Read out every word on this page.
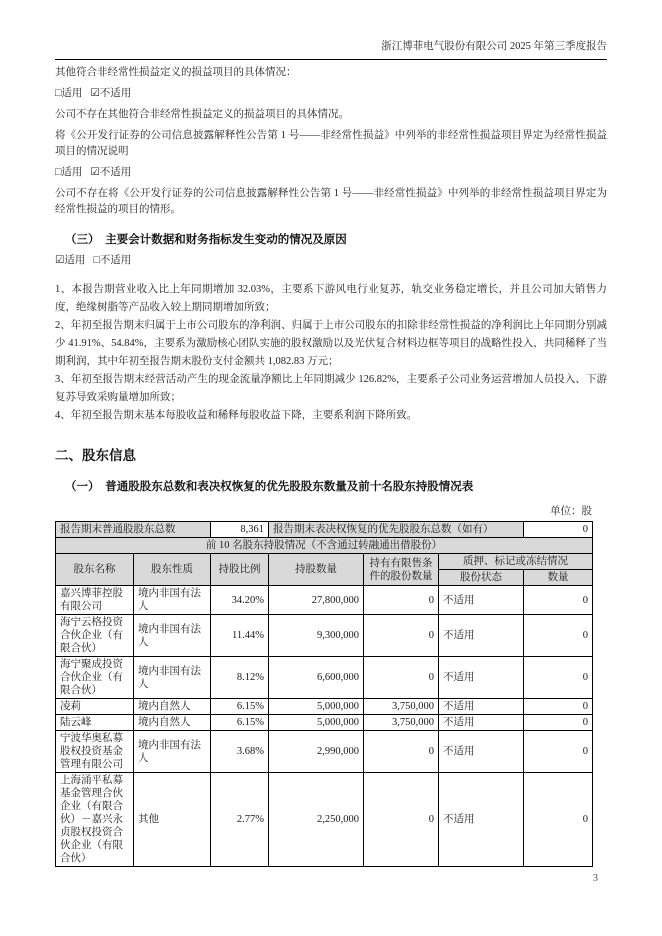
浙江博菲电气股份有限公司 2025 年第三季度报告

其他符合非经常性损益定义的损益项目的具体情况：

□适用 ☑不适用

公司不存在其他符合非经常性损益定义的损益项目的具体情况。

将《公开发行证券的公司信息披露解释性公告第 1 号——非经常性损益》中列举的非经常性损益项目界定为经常性损益项目的情况说明

□适用 ☑不适用

公司不存在将《公开发行证券的公司信息披露解释性公告第 1 号——非经常性损益》中列举的非经常性损益项目界定为经常性损益的项目的情形。

（三）　主要会计数据和财务指标发生变动的情况及原因

☑适用 □不适用

1、本报告期营业收入比上年同期增加 32.03%，主要系下游风电行业复苏，轨交业务稳定增长，并且公司加大销售力度，绝缘树脂等产品收入较上期同期增加所致；

2、年初至报告期末归属于上市公司股东的净利润、归属于上市公司股东的扣除非经常性损益的净利润比上年同期分别减少 41.91%、54.84%，主要系为激励核心团队实施的股权激励以及光伏复合材料边框等项目的战略性投入，共同稀释了当期利润，其中年初至报告期末股份支付金额共 1,082.83 万元；

3、年初至报告期末经营活动产生的现金流量净额比上年同期减少 126.82%，主要系子公司业务运营增加人员投入、下游复苏导致采购量增加所致；

4、年初至报告期末基本每股收益和稀释每股收益下降，主要系利润下降所致。

二、股东信息
（一）　普通股股东总数和表决权恢复的优先股股东数量及前十名股东持股情况表
单位：股
报告期末普通股股东总数		8,361	报告期末表决权恢复的优先股股东总数（如有）			0
前 10 名股东持股情况（不含通过转融通出借股份）						
股东名称	股东性质	持股比例	持股数量	持有有限售条件的股份数量	质押、标记或冻结情况	
					股份状态	数量
嘉兴博菲控股有限公司	境内非国有法人	34.20%	27,800,000	0	不适用	0
海宁云格投资合伙企业（有限合伙）	境内非国有法人	11.44%	9,300,000	0	不适用	0
海宁聚成投资合伙企业（有限合伙）	境内非国有法人	8.12%	6,600,000	0	不适用	0
凌莉	境内自然人	6.15%	5,000,000	3,750,000	不适用	0
陆云峰	境内自然人	6.15%	5,000,000	3,750,000	不适用	0
宁波华奥私募股权投资基金管理有限公司	境内非国有法人	3.68%	2,990,000	0	不适用	0
上海涌平私募基金管理合伙企业（有限合伙）－嘉兴永贞股权投资合伙企业（有限合伙）	其他	2.77%	2,250,000	0	不适用	0
3
